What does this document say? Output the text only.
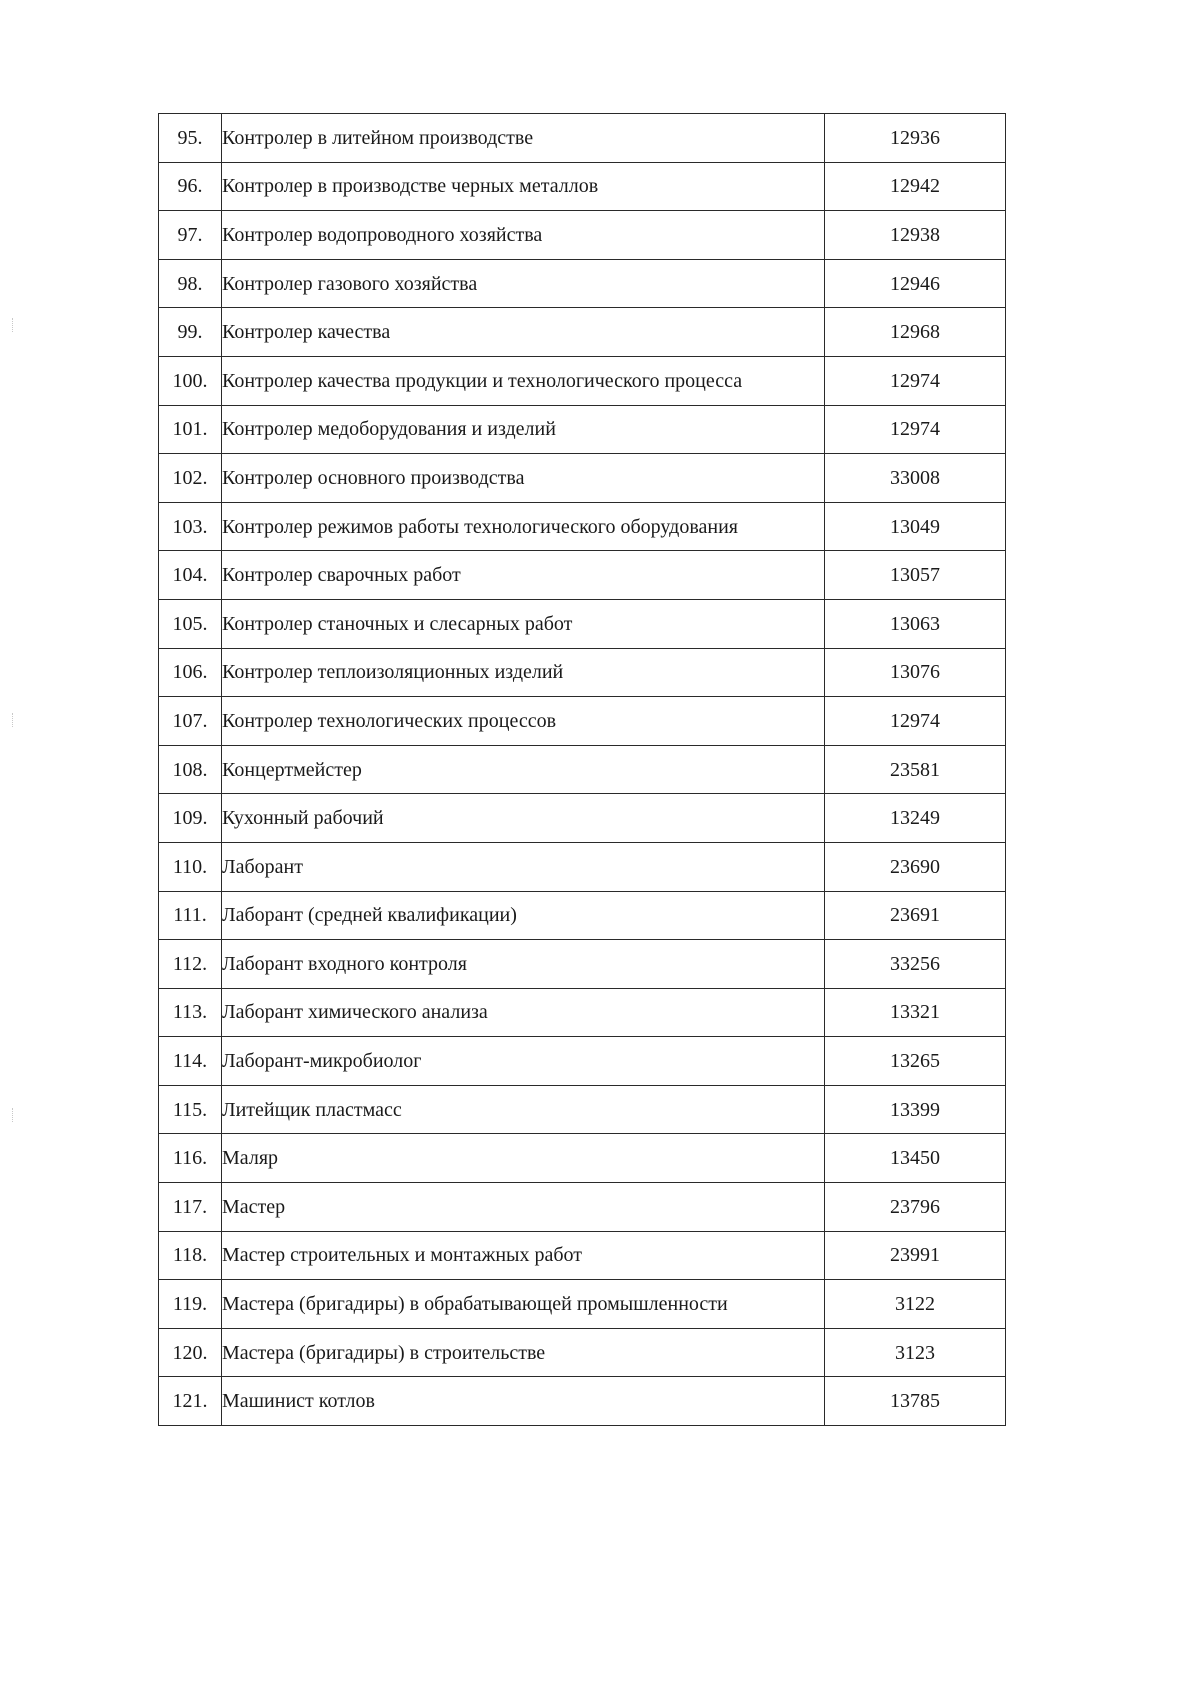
95.	Контролер в литейном производстве	12936
96.	Контролер в производстве черных металлов	12942
97.	Контролер водопроводного хозяйства	12938
98.	Контролер газового хозяйства	12946
99.	Контролер качества	12968
100.	Контролер качества продукции и технологического процесса	12974
101.	Контролер медоборудования и изделий	12974
102.	Контролер основного производства	33008
103.	Контролер режимов работы технологического оборудования	13049
104.	Контролер сварочных работ	13057
105.	Контролер станочных и слесарных работ	13063
106.	Контролер теплоизоляционных изделий	13076
107.	Контролер технологических процессов	12974
108.	Концертмейстер	23581
109.	Кухонный рабочий	13249
110.	Лаборант	23690
111.	Лаборант (средней квалификации)	23691
112.	Лаборант входного контроля	33256
113.	Лаборант химического анализа	13321
114.	Лаборант-микробиолог	13265
115.	Литейщик пластмасс	13399
116.	Маляр	13450
117.	Мастер	23796
118.	Мастер строительных и монтажных работ	23991
119.	Мастера (бригадиры) в обрабатывающей промышленности	3122
120.	Мастера (бригадиры) в строительстве	3123
121.	Машинист котлов	13785
